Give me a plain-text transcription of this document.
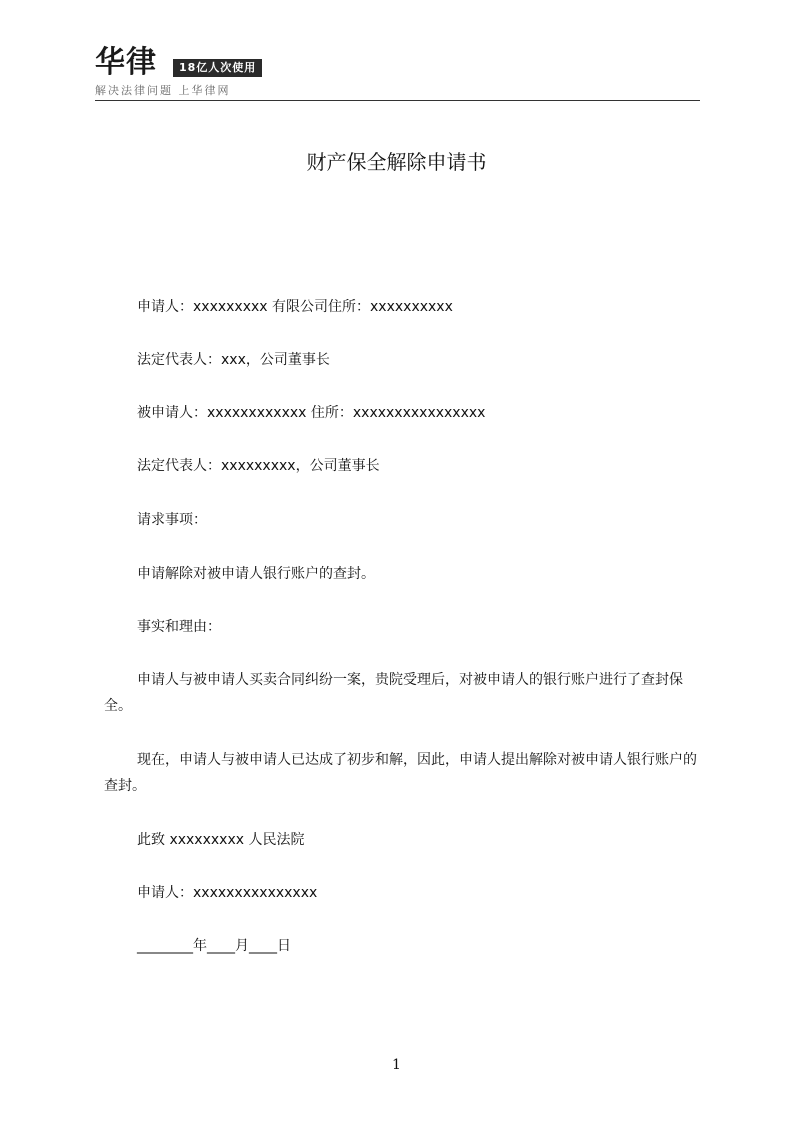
华律	18亿人次使用
解决法律问题 上华律网
财产保全解除申请书
申请人：xxxxxxxxx 有限公司住所：xxxxxxxxxx
法定代表人：xxx，公司董事长
被申请人：xxxxxxxxxxxx 住所：xxxxxxxxxxxxxxxx
法定代表人：xxxxxxxxx，公司董事长
请求事项：
申请解除对被申请人银行账户的查封。
事实和理由：
申请人与被申请人买卖合同纠纷一案，贵院受理后，对被申请人的银行账户进行了查封保全。
现在，申请人与被申请人已达成了初步和解，因此，申请人提出解除对被申请人银行账户的查封。
此致 xxxxxxxxx 人民法院
申请人：xxxxxxxxxxxxxxx
________年____月____日
1
